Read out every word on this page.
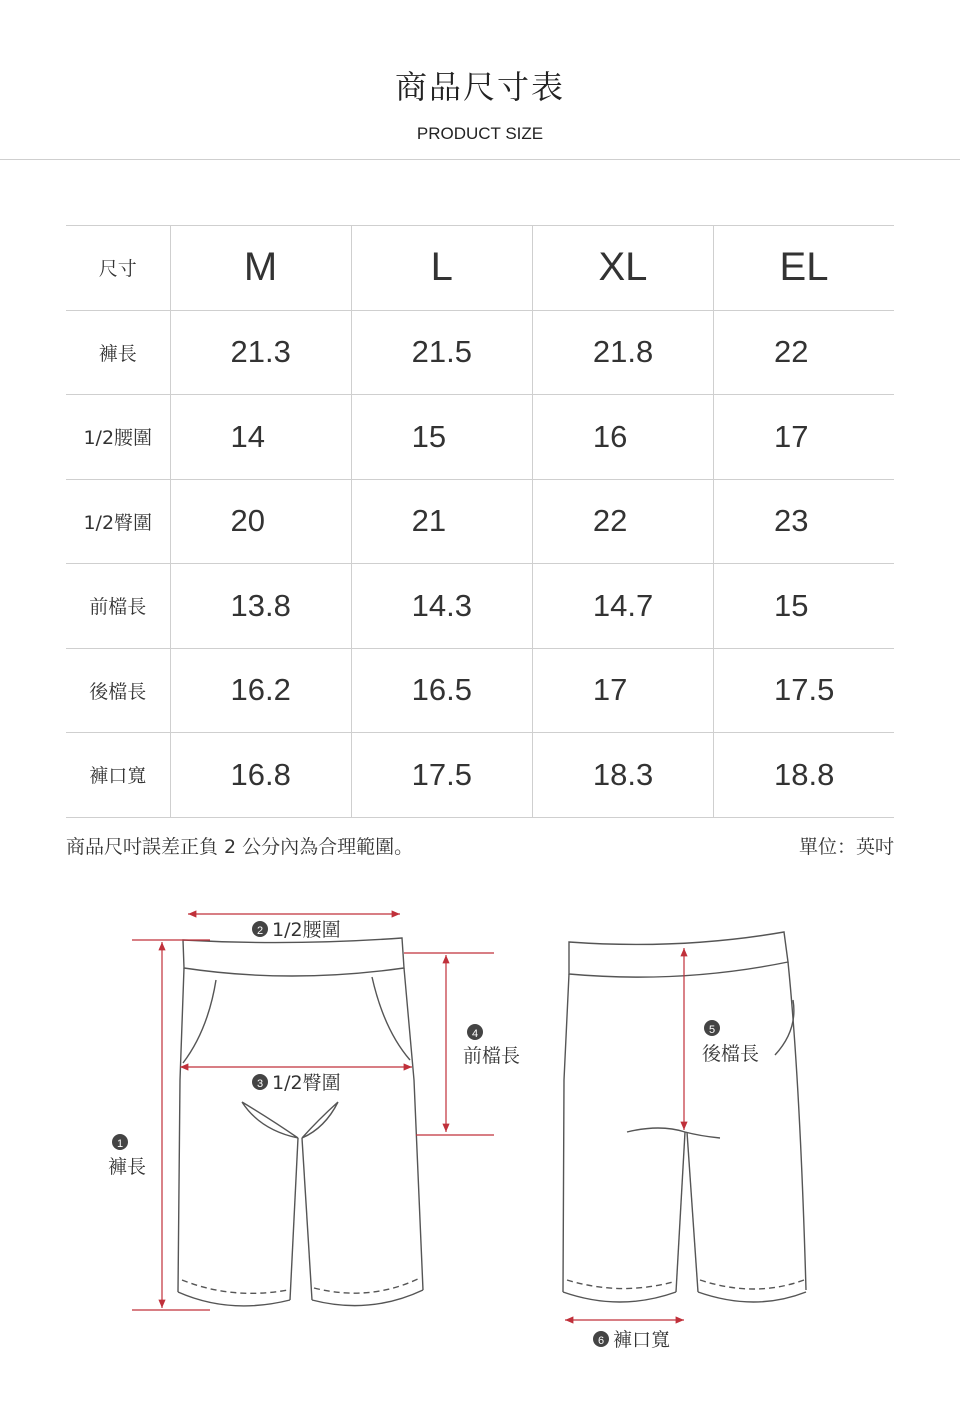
商品尺寸表
PRODUCT SIZE
尺寸	M	L	XL	EL
褲長	21.3	21.5	21.8	22
1/2腰圍	14	15	16	17
1/2臀圍	20	21	22	23
前檔長	13.8	14.3	14.7	15
後檔長	16.2	16.5	17	17.5
褲口寬	16.8	17.5	18.3	18.8
商品尺吋誤差正負 2 公分內為合理範圍。	單位：英吋
2 1/2腰圍
3 1/2臀圍
1
褲長
4
前檔長
5
後檔長
6 褲口寬
